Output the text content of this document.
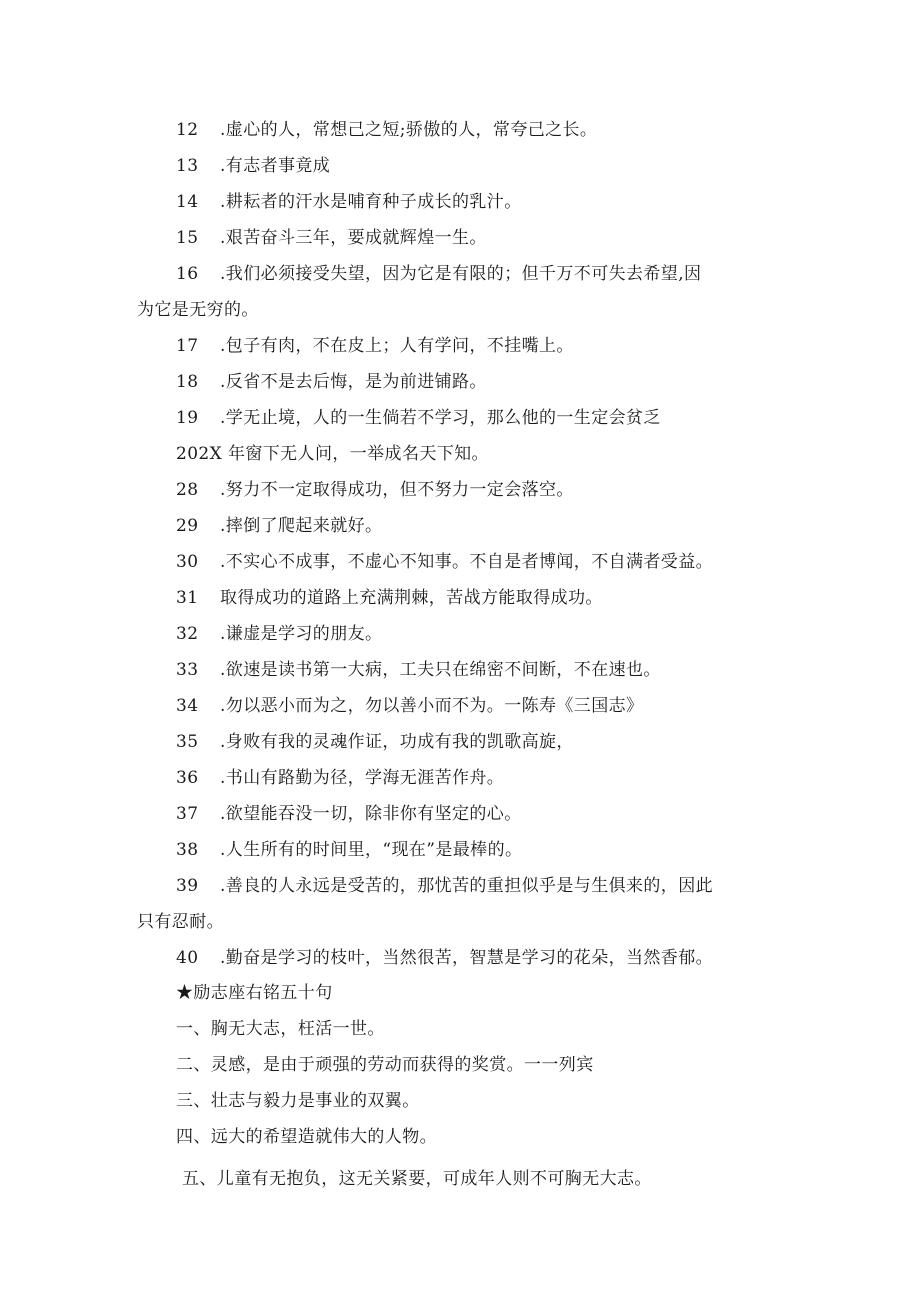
12 .虚心的人，常想己之短;骄傲的人，常夸己之长。
13 .有志者事竟成
14 .耕耘者的汗水是哺育种子成长的乳汁。
15 .艰苦奋斗三年，要成就辉煌一生。
16 .我们必须接受失望，因为它是有限的；但千万不可失去希望,因
为它是无穷的。
17 .包子有肉，不在皮上；人有学问，不挂嘴上。
18 .反省不是去后悔，是为前进铺路。
19 .学无止境，人的一生倘若不学习，那么他的一生定会贫乏
202X 年窗下无人问，一举成名天下知。
28 .努力不一定取得成功，但不努力一定会落空。
29 .摔倒了爬起来就好。
30 .不实心不成事，不虚心不知事。不自是者博闻，不自满者受益。
31 取得成功的道路上充满荆棘，苦战方能取得成功。
32 .谦虚是学习的朋友。
33 .欲速是读书第一大病，工夫只在绵密不间断，不在速也。
34 .勿以恶小而为之，勿以善小而不为。一陈寿《三国志》
35 .身败有我的灵魂作证，功成有我的凯歌高旋，
36 .书山有路勤为径，学海无涯苦作舟。
37 .欲望能吞没一切，除非你有坚定的心。
38 .人生所有的时间里，“现在”是最棒的。
39 .善良的人永远是受苦的，那忧苦的重担似乎是与生俱来的，因此
只有忍耐。
40 .勤奋是学习的枝叶，当然很苦，智慧是学习的花朵，当然香郁。
★励志座右铭五十句
一、胸无大志，枉活一世。
二、灵感，是由于顽强的劳动而获得的奖赏。一一列宾
三、壮志与毅力是事业的双翼。
四、远大的希望造就伟大的人物。
五、儿童有无抱负，这无关紧要，可成年人则不可胸无大志。
